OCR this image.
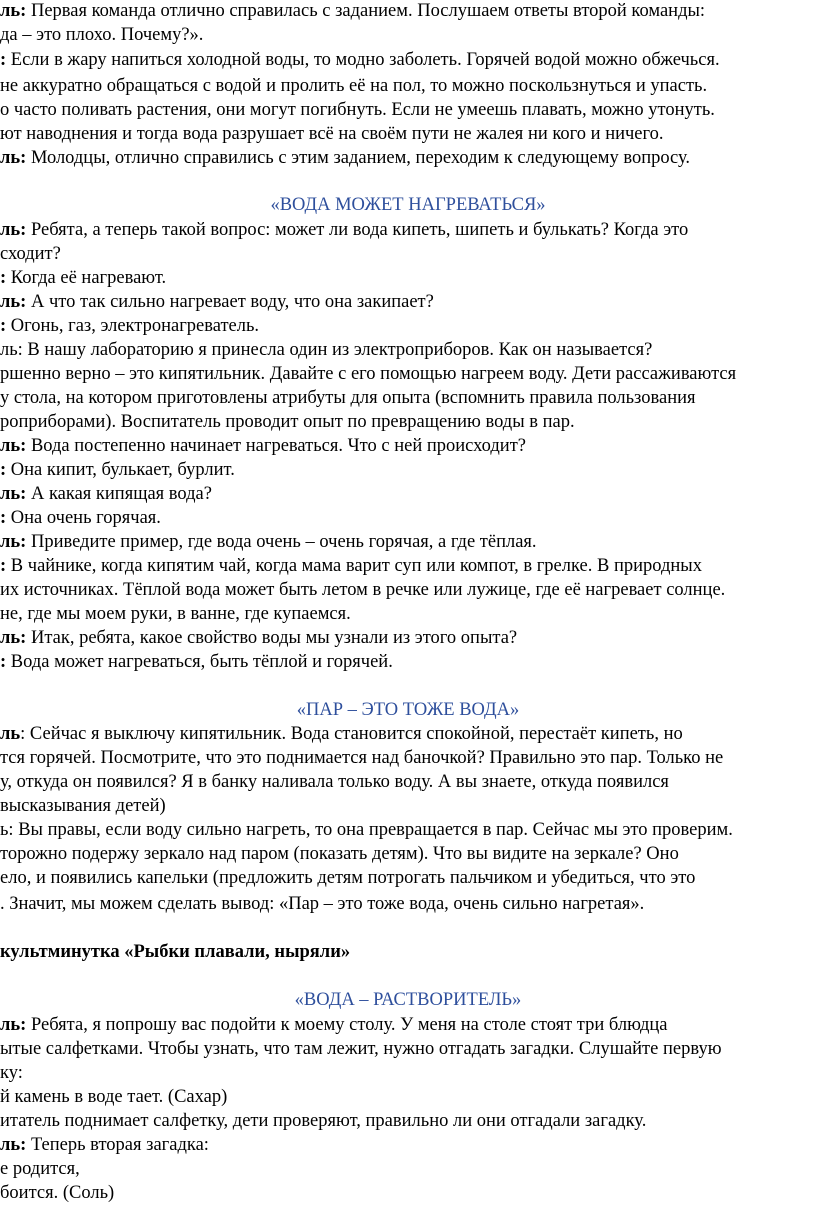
ль: Первая команда отлично справилась с заданием. Послушаем ответы второй команды:
да – это плохо. Почему?».
: Если в жару напиться холодной воды, то модно заболеть. Горячей водой можно обжечься.
не аккуратно обращаться с водой и пролить её на пол, то можно поскользнуться и упасть.
о часто поливать растения, они могут погибнуть. Если не умеешь плавать, можно утонуть.
ют наводнения и тогда вода разрушает всё на своём пути не жалея ни кого и ничего.
ль: Молодцы, отлично справились с этим заданием, переходим к следующему вопросу.
«ВОДА МОЖЕТ НАГРЕВАТЬСЯ»
ль: Ребята, а теперь такой вопрос: может ли вода кипеть, шипеть и булькать? Когда это
сходит?
: Когда её нагревают.
ль: А что так сильно нагревает воду, что она закипает?
: Огонь, газ, электронагреватель.
ль: В нашу лабораторию я принесла один из электроприборов. Как он называется?
ршенно верно – это кипятильник. Давайте с его помощью нагреем воду. Дети рассаживаются
у стола, на котором приготовлены атрибуты для опыта (вспомнить правила пользования
роприборами). Воспитатель проводит опыт по превращению воды в пар.
ль: Вода постепенно начинает нагреваться. Что с ней происходит?
: Она кипит, булькает, бурлит.
ль: А какая кипящая вода?
: Она очень горячая.
ль: Приведите пример, где вода очень – очень горячая, а где тёплая.
: В чайнике, когда кипятим чай, когда мама варит суп или компот, в грелке. В природных
их источниках. Тёплой вода может быть летом в речке или лужице, где её нагревает солнце.
не, где мы моем руки, в ванне, где купаемся.
ль: Итак, ребята, какое свойство воды мы узнали из этого опыта?
: Вода может нагреваться, быть тёплой и горячей.
«ПАР – ЭТО ТОЖЕ ВОДА»
ль: Сейчас я выключу кипятильник. Вода становится спокойной, перестаёт кипеть, но
тся горячей. Посмотрите, что это поднимается над баночкой? Правильно это пар. Только не
у, откуда он появился? Я в банку наливала только воду. А вы знаете, откуда появился
высказывания детей)
ь: Вы правы, если воду сильно нагреть, то она превращается в пар. Сейчас мы это проверим.
торожно подержу зеркало над паром (показать детям). Что вы видите на зеркале? Оно
ело, и появились капельки (предложить детям потрогать пальчиком и убедиться, что это
. Значит, мы можем сделать вывод: «Пар – это тоже вода, очень сильно нагретая».
культминутка «Рыбки плавали, ныряли»
«ВОДА – РАСТВОРИТЕЛЬ»
ль: Ребята, я попрошу вас подойти к моему столу. У меня на столе стоят три блюдца
ытые салфетками. Чтобы узнать, что там лежит, нужно отгадать загадки. Слушайте первую
ку:
й камень в воде тает. (Сахар)
итатель поднимает салфетку, дети проверяют, правильно ли они отгадали загадку.
ль: Теперь вторая загадка:
е родится,
боится. (Соль)
